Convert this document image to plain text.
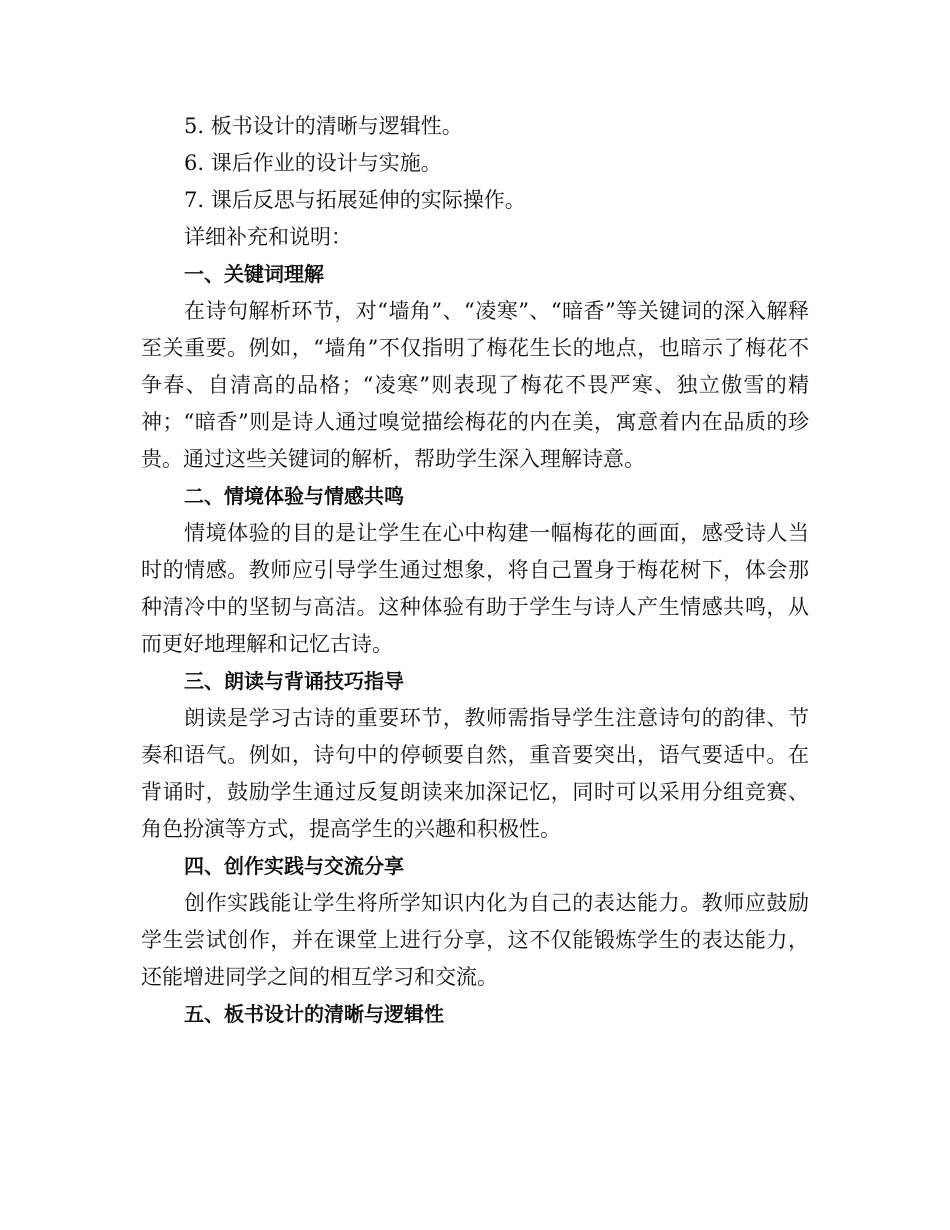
5. 板书设计的清晰与逻辑性。

6. 课后作业的设计与实施。

7. 课后反思与拓展延伸的实际操作。

详细补充和说明：

一、关键词理解

在诗句解析环节，对“墙角”、“凌寒”、“暗香”等关键词的深入解释至关重要。例如，“墙角”不仅指明了梅花生长的地点，也暗示了梅花不争春、自清高的品格；“凌寒”则表现了梅花不畏严寒、独立傲雪的精神；“暗香”则是诗人通过嗅觉描绘梅花的内在美，寓意着内在品质的珍贵。通过这些关键词的解析，帮助学生深入理解诗意。

二、情境体验与情感共鸣

情境体验的目的是让学生在心中构建一幅梅花的画面，感受诗人当时的情感。教师应引导学生通过想象，将自己置身于梅花树下，体会那种清冷中的坚韧与高洁。这种体验有助于学生与诗人产生情感共鸣，从而更好地理解和记忆古诗。

三、朗读与背诵技巧指导

朗读是学习古诗的重要环节，教师需指导学生注意诗句的韵律、节奏和语气。例如，诗句中的停顿要自然，重音要突出，语气要适中。在背诵时，鼓励学生通过反复朗读来加深记忆，同时可以采用分组竞赛、角色扮演等方式，提高学生的兴趣和积极性。

四、创作实践与交流分享

创作实践能让学生将所学知识内化为自己的表达能力。教师应鼓励学生尝试创作，并在课堂上进行分享，这不仅能锻炼学生的表达能力，还能增进同学之间的相互学习和交流。

五、板书设计的清晰与逻辑性
